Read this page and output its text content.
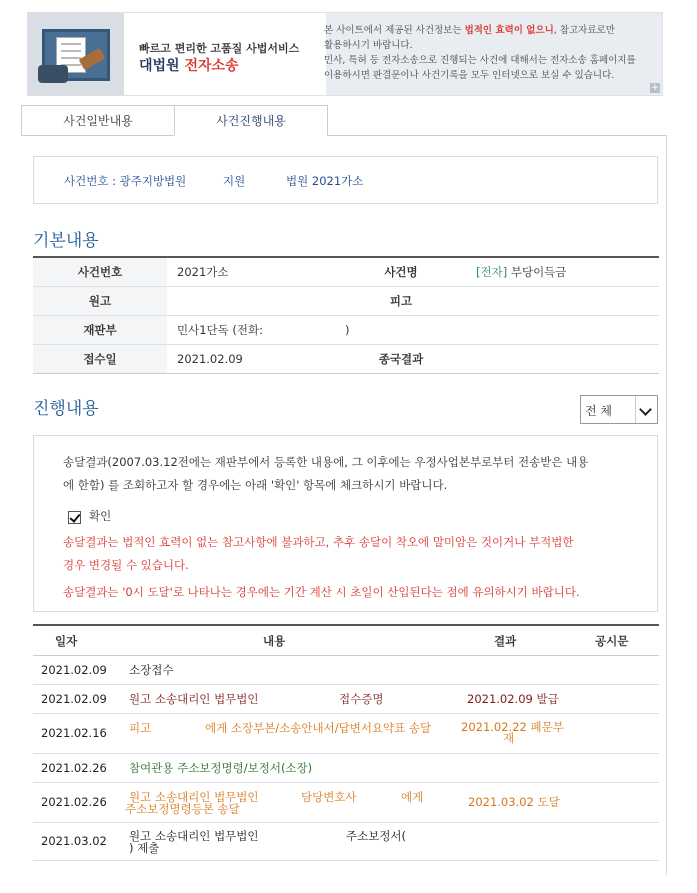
빠르고 편리한 고품질 사법서비스
대법원 전자소송
본 사이트에서 제공된 사건정보는 법적인 효력이 없으니, 참고자료로만
활용하시기 바랍니다.
민사, 특허 등 전자소송으로 진행되는 사건에 대해서는 전자소송 홈페이지를
이용하시면 판결문이나 사건기록을 모두 인터넷으로 보실 수 있습니다.
+
사건일반내용	사건진행내용
사건번호 : 광주지방법원	지원	법원 2021가소
기본내용
사건번호	2021가소	사건명	[전자] 부당이득금
원고	피고
재판부	민사1단독 (전화:	)
접수일	2021.02.09	종국결과
진행내용	전 체

송달결과(2007.03.12전에는 재판부에서 등록한 내용에, 그 이후에는 우정사업본부로부터 전송받은 내용
에 한함) 를 조회하고자 할 경우에는 아래 '확인' 항목에 체크하시기 바랍니다.

확인

송달결과는 법적인 효력이 없는 참고사항에 불과하고, 추후 송달이 착오에 말미암은 것이거나 부적법한
경우 변경될 수 있습니다.

송달결과는 '0시 도달'로 나타나는 경우에는 기간 계산 시 초일이 산입된다는 점에 유의하시기 바랍니다.

일자	내용	결과	공시문
2021.02.09 소장접수
2021.02.09 원고 소송대리인 법무법인	접수증명	2021.02.09 발급
2021.02.16 피고	에게 소장부본/소송안내서/답변서요약표 송달	2021.02.22 폐문부
재
2021.02.26 참여관용 주소보정명령/보정서(소장)
2021.02.26 원고 소송대리인 법무법인	담당변호사	에게
주소보정명령등본 송달	2021.03.02 도달
2021.03.02 원고 소송대리인 법무법인	주소보정서(
) 제출
